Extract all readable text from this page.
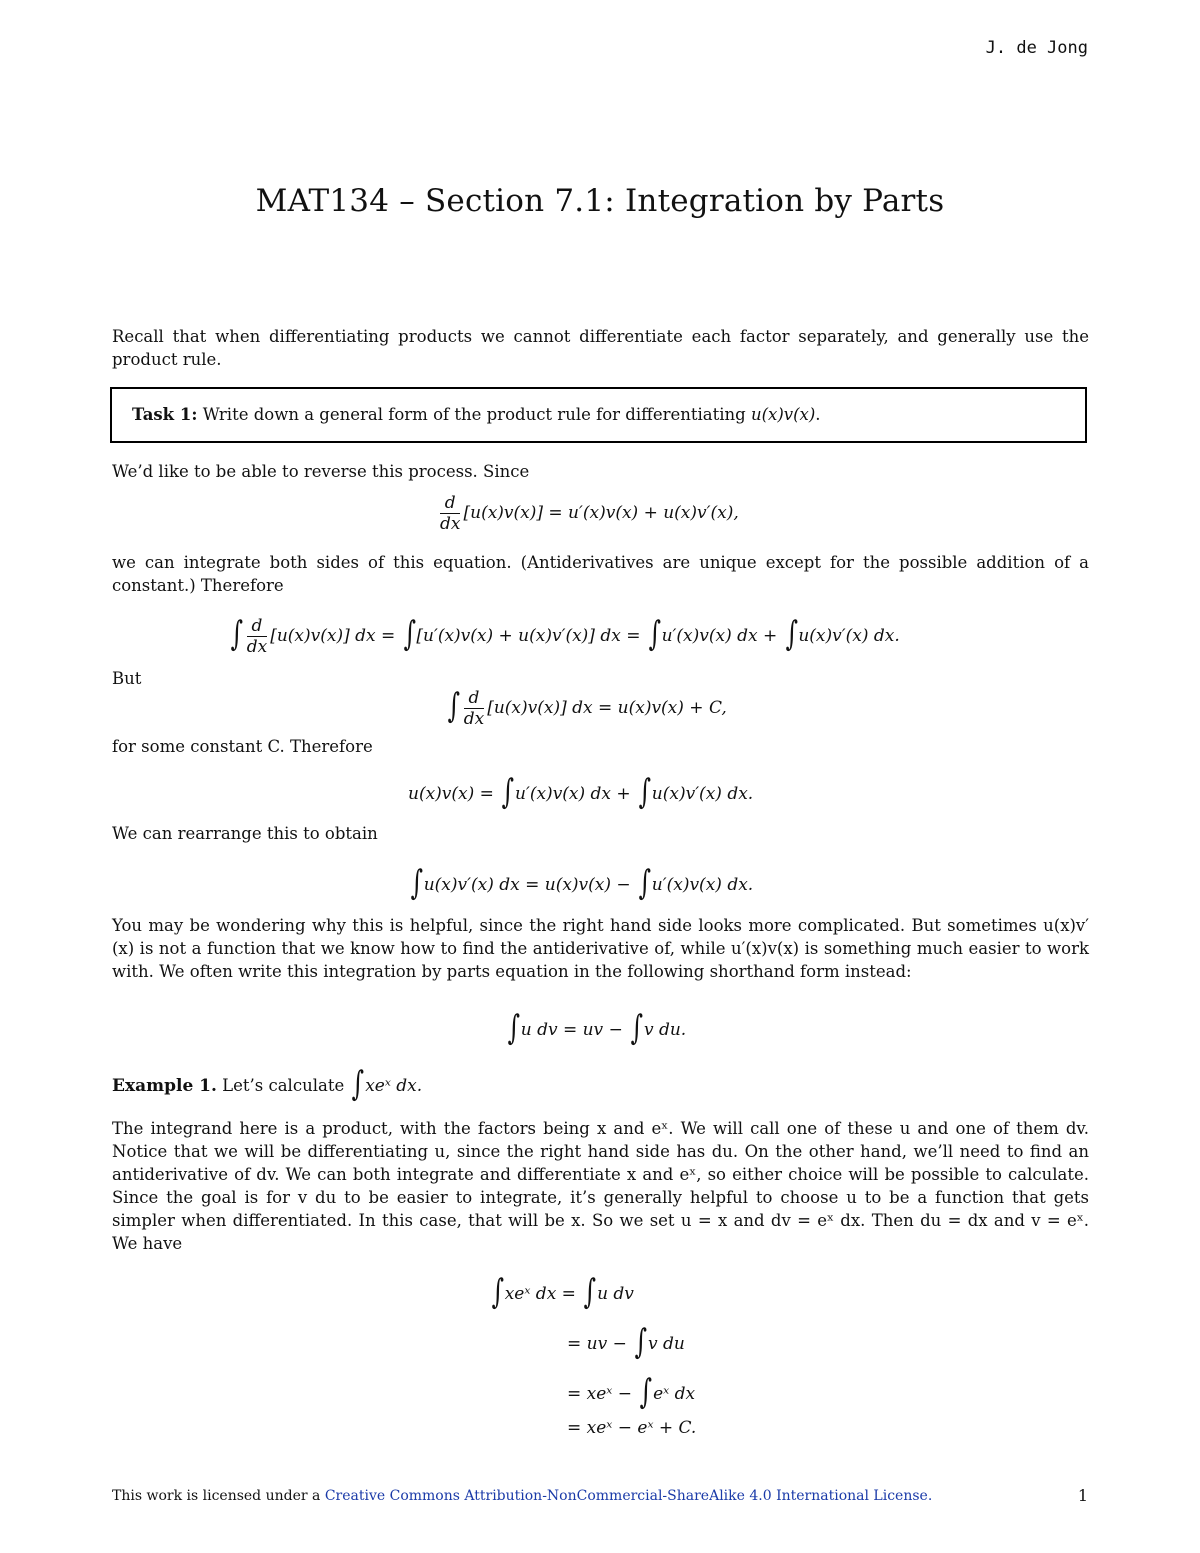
J. de Jong
MAT134 – Section 7.1: Integration by Parts
Recall that when differentiating products we cannot differentiate each factor separately, and generally use the product rule.
Task 1: Write down a general form of the product rule for differentiating u(x)v(x).
We’d like to be able to reverse this process. Since
$\frac{d}{dx} [u(x)v(x)] = u'(x)v(x) + u(x)v'(x)$,
we can integrate both sides of this equation. (Antiderivatives are unique except for the possible addition of a constant.) Therefore
∫ $\frac{d}{dx} [u(x)v(x)]$ dx = ∫[u′(x)v(x) + u(x)v′(x)] dx = ∫u′(x)v(x) dx + ∫u(x)v′(x) dx.
But
∫ $\frac{d}{dx} [u(x)v(x)]$ dx = u(x)v(x) + C,
for some constant C. Therefore
u(x)v(x) = ∫u′(x)v(x) dx + ∫u(x)v′(x) dx.
We can rearrange this to obtain
∫u(x)v′(x) dx = u(x)v(x) − ∫u′(x)v(x) dx.
You may be wondering why this is helpful, since the right hand side looks more complicated. But sometimes u(x)v′(x) is not a function that we know how to find the antiderivative of, while u′(x)v(x) is something much easier to work with. We often write this integration by parts equation in the following shorthand form instead:
∫u dv = uv − ∫v du.
Example 1. Let’s calculate ∫xeˣ dx.
The integrand here is a product, with the factors being x and eˣ. We will call one of these u and one of them dv. Notice that we will be differentiating u, since the right hand side has du. On the other hand, we’ll need to find an antiderivative of dv. We can both integrate and differentiate x and eˣ, so either choice will be possible to calculate. Since the goal is for v du to be easier to integrate, it’s generally helpful to choose u to be a function that gets simpler when differentiated. In this case, that will be x. So we set u = x and dv = eˣ dx. Then du = dx and v = eˣ. We have
∫xeˣ dx = ∫u dv
= uv − ∫v du
= xeˣ − ∫eˣ dx
= xeˣ − eˣ + C.
This work is licensed under a Creative Commons Attribution-NonCommercial-ShareAlike 4.0 International License.	1
